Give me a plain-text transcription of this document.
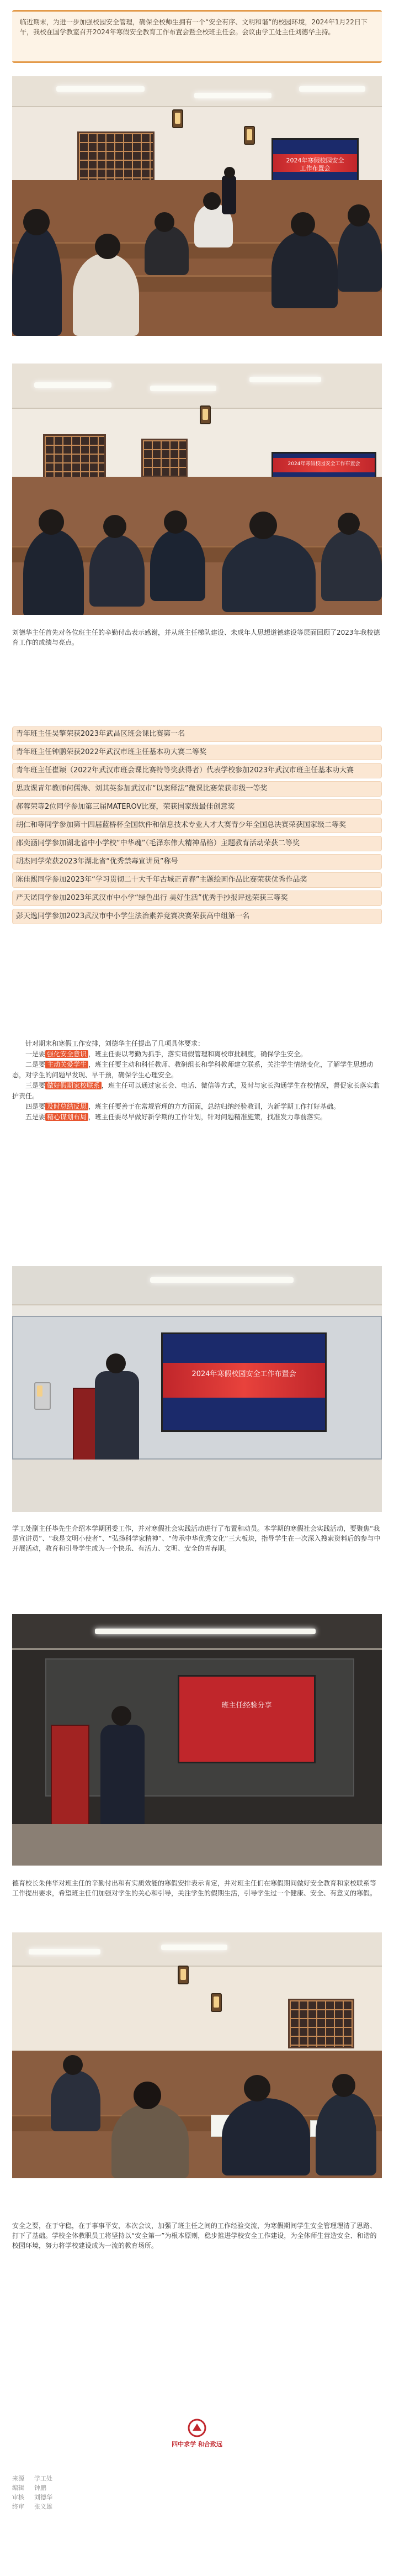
临近期末，为进一步加强校园安全管理，确保全校师生拥有一个“安全有序、文明和谐”的校园环境，2024年1月22日下午，我校在国学教室召开2024年寒假安全教育工作布置会暨全校班主任会。会议由学工处主任刘德华主持。

2024年寒假校园安全工作布置会
2024年寒假校园安全工作布置会

刘德华主任首先对各位班主任的辛勤付出表示感谢，并从班主任梯队建设、未成年人思想道德建设等层面回顾了2023年我校德育工作的成绩与亮点。

青年班主任吴擎荣获2023年武昌区班会课比赛第一名
青年班主任钟鹏荣获2022年武汉市班主任基本功大赛二等奖
青年班主任崔颖（2022年武汉市班会课比赛特等奖获得者）代表学校参加2023年武汉市班主任基本功大赛
思政课青年教师何儒涛、刘其英参加武汉市“以案释法”微课比赛荣获市级一等奖
郝蓉荣等2位同学参加第三届MATEROV比赛，荣获国家级最佳创意奖
胡仁和等同学参加第十四届蓝桥杯全国软件和信息技术专业人才大赛青少年全国总决赛荣获国家级二等奖
邵奕涵同学参加湖北省中小学校“中华魂”（毛泽东伟大精神品格）主题教育活动荣获二等奖
胡杰同学荣获2023年湖北省“优秀禁毒宣讲员”称号
陈佳熙同学参加2023年“学习贯彻二十大千年古城正青春”主题绘画作品比赛荣获优秀作品奖
严天诺同学参加2023年武汉市中小学“绿色出行 美好生活”优秀手抄报评选荣获三等奖
彭天逸同学参加2023武汉市中小学生法治素养竞赛决赛荣获高中组第一名

针对期末和寒假工作安排，刘德华主任提出了几项具体要求：

一是要 强化安全意识 ，班主任要以考勤为抓手，落实请假管理和离校审批制度，确保学生安全。

二是要 主动关爱学生 ，班主任要主动和科任教师、教研组长和学科教师建立联系，关注学生情绪变化，了解学生思想动态，对学生的问题早发现、早干预，确保学生心理安全。

三是要 做好假期家校联系 ，班主任可以通过家长会、电话、微信等方式，及时与家长沟通学生在校情况，督促家长落实监护责任。

四是要 及时总结反思 ，班主任要善于在常规管理的方方面面，总结归纳经验教训，为新学期工作打好基础。

五是要 精心谋划布局 ，班主任要尽早做好新学期的工作计划，针对问题精准施策，找准发力靠前落实。

2024年寒假校园安全工作布置会

学工处副主任毕先生介绍本学期团委工作，并对寒假社会实践活动进行了布置和动员。本学期的寒假社会实践活动，要聚焦“我是宣讲员”、“我是文明小使者”、“弘扬科学家精神”、“传承中华优秀文化”三大板块，指导学生在一次深入搜索资料后的参与中开展活动，教育和引导学生成为一个快乐、有活力、文明、安全的青春期。

班主任经验分享

德育校长朱伟华对班主任的辛勤付出和有实质效能的寒假安排表示肯定，并对班主任们在寒假期间做好安全教育和家校联系等工作提出要求，希望班主任们加强对学生的关心和引导，关注学生的假期生活，引导学生过一个健康、安全、有意义的寒假。

安全之要，在于守稳，在于事事平安，本次会议，加强了班主任之间的工作经验交流，为寒假期间学生安全管理理清了思路、打下了基础。学校全体教职员工将坚持以“安全第一”为根本原则，稳步推进学校安全工作建设，为全体师生营造安全、和谐的校园环境，努力将学校建设成为一流的教育场所。

四中求学 和合致远
来源 学工处
编辑 钟鹏
审核 刘德华
终审 张义雄
